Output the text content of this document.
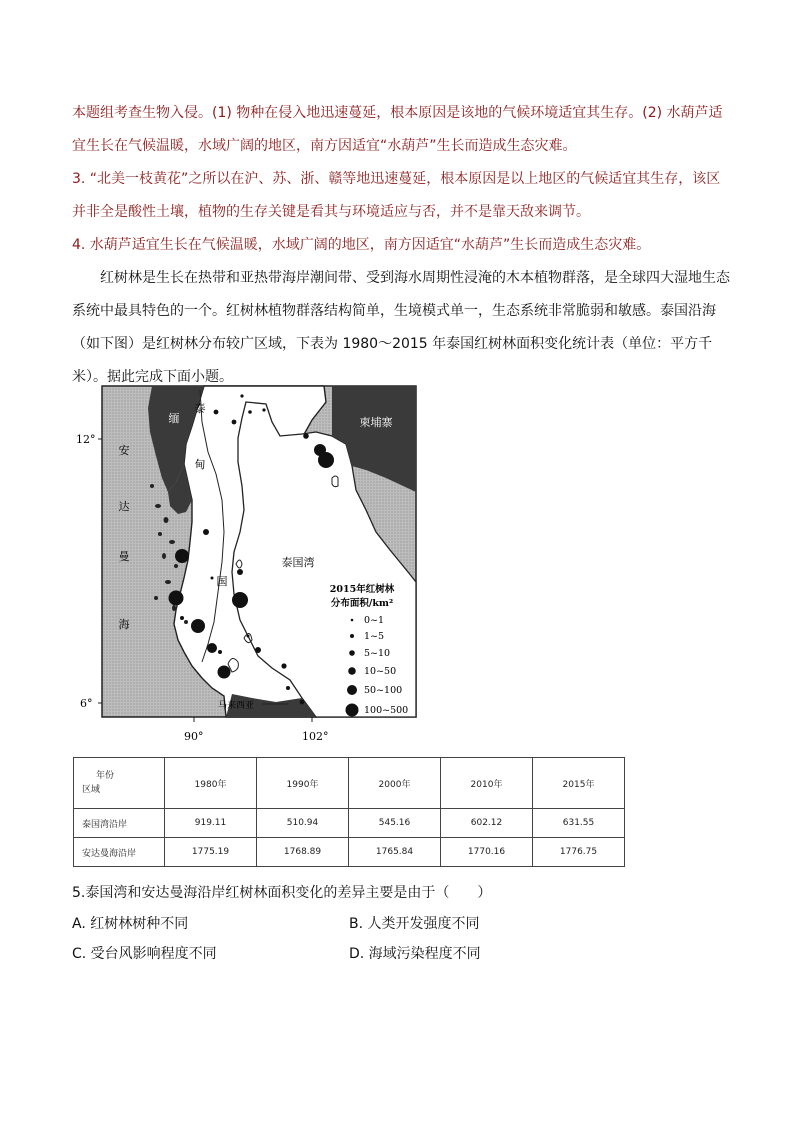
本题组考查生物入侵。(1) 物种在侵入地迅速蔓延，根本原因是该地的气候环境适宜其生存。(2) 水葫芦适宜生长在气候温暖，水域广阔的地区，南方因适宜“水葫芦”生长而造成生态灾难。
3. “北美一枝黄花”之所以在沪、苏、浙、赣等地迅速蔓延，根本原因是以上地区的气候适宜其生存，该区并非全是酸性土壤，植物的生存关键是看其与环境适应与否，并不是靠天敌来调节。
4. 水葫芦适宜生长在气候温暖，水域广阔的地区，南方因适宜“水葫芦”生长而造成生态灾难。

红树林是生长在热带和亚热带海岸潮间带、受到海水周期性浸淹的木本植物群落，是全球四大湿地生态系统中最具特色的一个。红树林植物群落结构简单，生境模式单一，生态系统非常脆弱和敏感。泰国沿海（如下图）是红树林分布较广区域，下表为 1980～2015 年泰国红树林面积变化统计表（单位：平方千米）。据此完成下面小题。

泰
国
缅
甸
安
达
曼
海
柬埔寨
泰国湾
马来西亚
2015年红树林
分布面积/km²
0~1
1~5
5~10
10~50
50~100
100~500
12°
6°
90°	102°
年份
区域	1980年	1990年	2000年	2010年	2015年
泰国湾沿岸	919.11	510.94	545.16	602.12	631.55
安达曼海沿岸	1775.19	1768.89	1765.84	1770.16	1776.75

5.泰国湾和安达曼海沿岸红树林面积变化的差异主要是由于（　　）

A. 红树林树种不同	B. 人类开发强度不同
C. 受台风影响程度不同	D. 海域污染程度不同
